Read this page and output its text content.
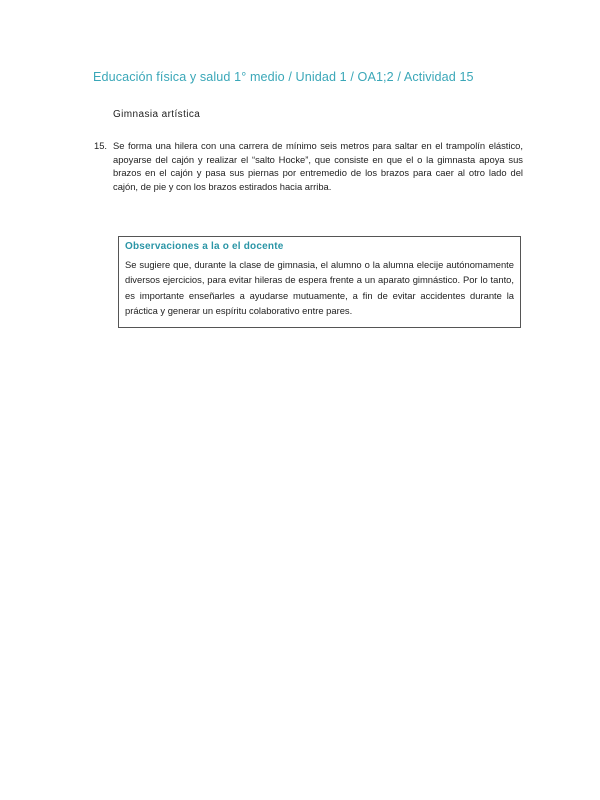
Educación física y salud 1° medio / Unidad 1 / OA1;2 / Actividad 15
Gimnasia artística
15. Se forma una hilera con una carrera de mínimo seis metros para saltar en el trampolín elástico, apoyarse del cajón y realizar el “salto Hocke”, que consiste en que el o la gimnasta apoya sus brazos en el cajón y pasa sus piernas por entremedio de los brazos para caer al otro lado del cajón, de pie y con los brazos estirados hacia arriba.
Observaciones a la o el docente
Se sugiere que, durante la clase de gimnasia, el alumno o la alumna elecije autónomamente diversos ejercicios, para evitar hileras de espera frente a un aparato gimnástico. Por lo tanto, es importante enseñarles a ayudarse mutuamente, a fin de evitar accidentes durante la práctica y generar un espíritu colaborativo entre pares.
